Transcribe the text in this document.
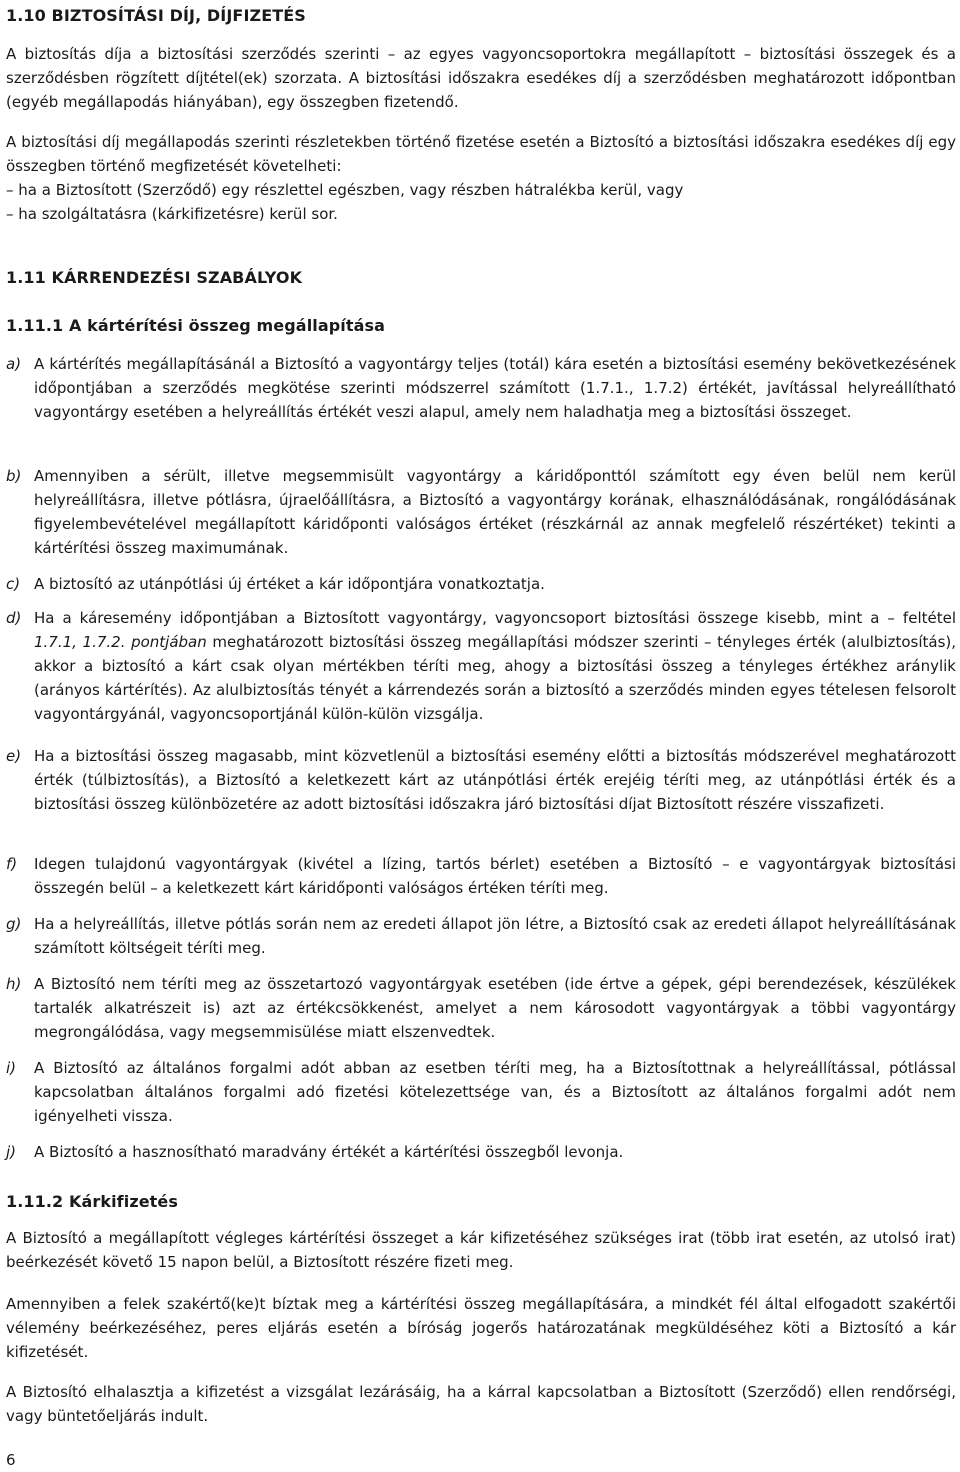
1.10 BIZTOSÍTÁSI DÍJ, DÍJFIZETÉS

A biztosítás díja a biztosítási szerződés szerinti – az egyes vagyoncsoportokra megállapított – biztosítási összegek és a szerződésben rögzített díjtétel(ek) szorzata. A biztosítási időszakra esedékes díj a szerződésben meghatározott időpontban (egyéb megállapodás hiányában), egy összegben fizetendő.

A biztosítási díj megállapodás szerinti részletekben történő fizetése esetén a Biztosító a biztosítási időszakra esedékes díj egy összegben történő megfizetését követelheti:

– ha a Biztosított (Szerződő) egy részlettel egészben, vagy részben hátralékba kerül, vagy

– ha szolgáltatásra (kárkifizetésre) kerül sor.

1.11 KÁRRENDEZÉSI SZABÁLYOK
1.11.1 A kártérítési összeg megállapítása
a) A kártérítés megállapításánál a Biztosító a vagyontárgy teljes (totál) kára esetén a biztosítási esemény bekövetkezésének időpontjában a szerződés megkötése szerinti módszerrel számított (1.7.1., 1.7.2) értékét, javítással helyreállítható vagyontárgy esetében a helyreállítás értékét veszi alapul, amely nem haladhatja meg a biztosítási összeget.
b) Amennyiben a sérült, illetve megsemmisült vagyontárgy a káridőponttól számított egy éven belül nem kerül helyreállításra, illetve pótlásra, újraelőállításra, a Biztosító a vagyontárgy korának, elhasználódásának, rongálódásának figyelembevételével megállapított káridőponti valóságos értéket (részkárnál az annak megfelelő részértéket) tekinti a kártérítési összeg maximumának.
c) A biztosító az utánpótlási új értéket a kár időpontjára vonatkoztatja.
d) Ha a káresemény időpontjában a Biztosított vagyontárgy, vagyoncsoport biztosítási összege kisebb, mint a – feltétel 1.7.1, 1.7.2. pontjában meghatározott biztosítási összeg megállapítási módszer szerinti – tényleges érték (alulbiztosítás), akkor a biztosító a kárt csak olyan mértékben téríti meg, ahogy a biztosítási összeg a tényleges értékhez aránylik (arányos kártérítés). Az alulbiztosítás tényét a kárrendezés során a biztosító a szerződés minden egyes tételesen felsorolt vagyontárgyánál, vagyoncsoportjánál külön-külön vizsgálja.
e) Ha a biztosítási összeg magasabb, mint közvetlenül a biztosítási esemény előtti a biztosítás módszerével meghatározott érték (túlbiztosítás), a Biztosító a keletkezett kárt az utánpótlási érték erejéig téríti meg, az utánpótlási érték és a biztosítási összeg különbözetére az adott biztosítási időszakra járó biztosítási díjat Biztosított részére visszafizeti.
f)	Idegen tulajdonú vagyontárgyak (kivétel a lízing, tartós bérlet) esetében a Biztosító – e vagyontárgyak biztosítási összegén belül – a keletkezett kárt káridőponti valóságos értéken téríti meg.
g) Ha a helyreállítás, illetve pótlás során nem az eredeti állapot jön létre, a Biztosító csak az eredeti állapot helyreállításának számított költségeit téríti meg.
h) A Biztosító nem téríti meg az összetartozó vagyontárgyak esetében (ide értve a gépek, gépi berendezések, készülékek tartalék alkatrészeit is) azt az értékcsökkenést, amelyet a nem károsodott vagyontárgyak a többi vagyontárgy megrongálódása, vagy megsemmisülése miatt elszenvedtek.
i)	A Biztosító az általános forgalmi adót abban az esetben téríti meg, ha a Biztosítottnak a helyreállítással, pótlással kapcsolatban általános forgalmi adó fizetési kötelezettsége van, és a Biztosított az általános forgalmi adót nem igényelheti vissza.
j)	A Biztosító a hasznosítható maradvány értékét a kártérítési összegből levonja.
1.11.2 Kárkifizetés

A Biztosító a megállapított végleges kártérítési összeget a kár kifizetéséhez szükséges irat (több irat esetén, az utolsó irat) beérkezését követő 15 napon belül, a Biztosított részére fizeti meg.

Amennyiben a felek szakértő(ke)t bíztak meg a kártérítési összeg megállapítására, a mindkét fél által elfogadott szakértői vélemény beérkezéséhez, peres eljárás esetén a bíróság jogerős határozatának megküldéséhez köti a Biztosító a kár kifizetését.

A Biztosító elhalasztja a kifizetést a vizsgálat lezárásáig, ha a kárral kapcsolatban a Biztosított (Szerződő) ellen rendőrségi, vagy büntetőeljárás indult.

6
